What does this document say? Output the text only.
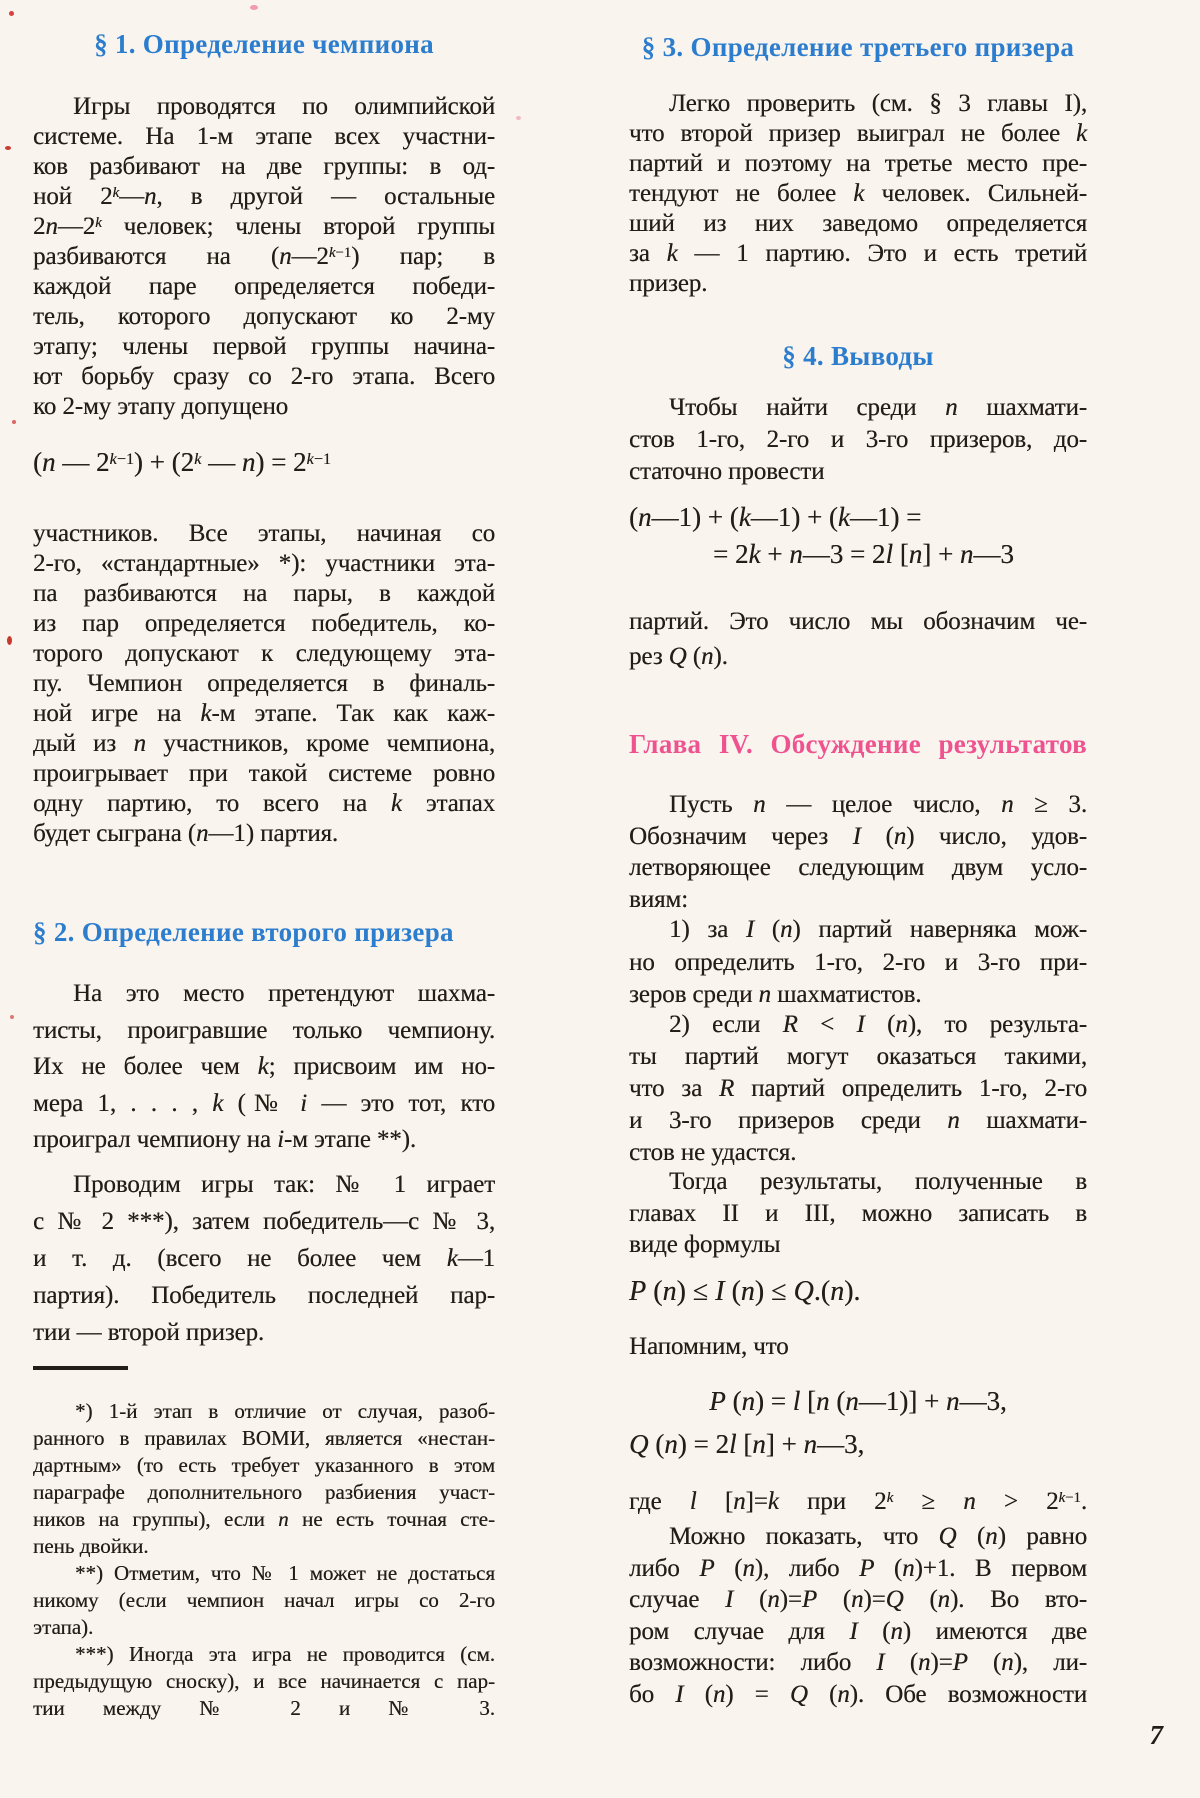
§ 1. Определение чемпиона
Игры проводятся по олимпийской
системе. На 1-м этапе всех участни-
ков разбивают на две группы: в од-
ной 2$^k$—n, в другой — остальные
2n—2$^k$ человек; члены второй группы
разбиваются на $(n—2^{k-1})$ пар; в
каждой паре определяется победи-
тель, которого допускают ко 2-му
этапу; члены первой группы начина-
ют борьбу сразу со 2-го этапа. Всего
ко 2-му этапу допущено
(n — $2^{k-1}) + (2^k$ — $n) = 2^{k-1}$
участников. Все этапы, начиная со
2-го, «стандартные» *): участники эта-
па разбиваются на пары, в каждой
из пар определяется победитель, ко-
торого допускают к следующему эта-
пу. Чемпион определяется в финаль-
ной игре на k-м этапе. Так как каж-
дый из n участников, кроме чемпиона,
проигрывает при такой системе ровно
одну партию, то всего на k этапах
будет сыграна (n—1) партия.
§ 2. Определение второго призера
На это место претендуют шахма-
тисты, проигравшие только чемпиону.
Их не более чем k; присвоим им но-
мера 1, . . . , k (№ i — это тот, кто
проиграл чемпиону на i-м этапе **).
Проводим игры так: № 1 играет
с № 2 ***), затем победитель—с № 3,
и т. д. (всего не более чем k—1
партия). Победитель последней пар-
тии — второй призер.
*) 1-й этап в отличие от случая, разоб-
ранного в правилах ВОМИ, является «нестан-
дартным» (то есть требует указанного в этом
параграфе дополнительного разбиения участ-
ников на группы), если n не есть точная сте-
пень двойки.
**) Отметим, что № 1 может не достаться
никому (если чемпион начал игры со 2-го
этапа).
***) Иногда эта игра не проводится (см.
предыдущую сноску), и все начинается с пар-
тии между № 2 и № 3.
§ 3. Определение третьего призера
Легко проверить (см. § 3 главы I),
что второй призер выиграл не более k
партий и поэтому на третье место пре-
тендуют не более k человек. Сильней-
ший из них заведомо определяется
за k — 1 партию. Это и есть третий
призер.
§ 4. Выводы
Чтобы найти среди n шахмати-
стов 1-го, 2-го и 3-го призеров, до-
статочно провести
(n—1) + (k—1) + (k—1) =
= 2k + n—3 = 2l [n] + n—3
партий. Это число мы обозначим че-
рез Q (n).
Глава IV. Обсуждение результатов
Пусть n — целое число, n ≥ 3.
Обозначим через I (n) число, удов-
летворяющее следующим двум усло-
виям:
1) за I (n) партий наверняка мож-
но определить 1-го, 2-го и 3-го при-
зеров среди n шахматистов.
2) если R < I (n), то результа-
ты партий могут оказаться такими,
что за R партий определить 1-го, 2-го
и 3-го призеров среди n шахмати-
стов не удастся.
Тогда результаты, полученные в
главах II и III, можно записать в
виде формулы
P (n) ≤ I (n) ≤ Q.(n).
Напомним, что
P (n) = l [n (n—1)] + n—3,
Q (n) = 2l [n] + n—3,
где l [n]=k при $2^k \ge n > 2^{k-1}$.
Можно показать, что Q (n) равно
либо P (n), либо P (n)+1. В первом
случае I (n)=P (n)=Q (n). Во вто-
ром случае для I (n) имеются две
возможности: либо I (n)=P (n), ли-
бо I (n) = Q (n). Обе возможности
7
